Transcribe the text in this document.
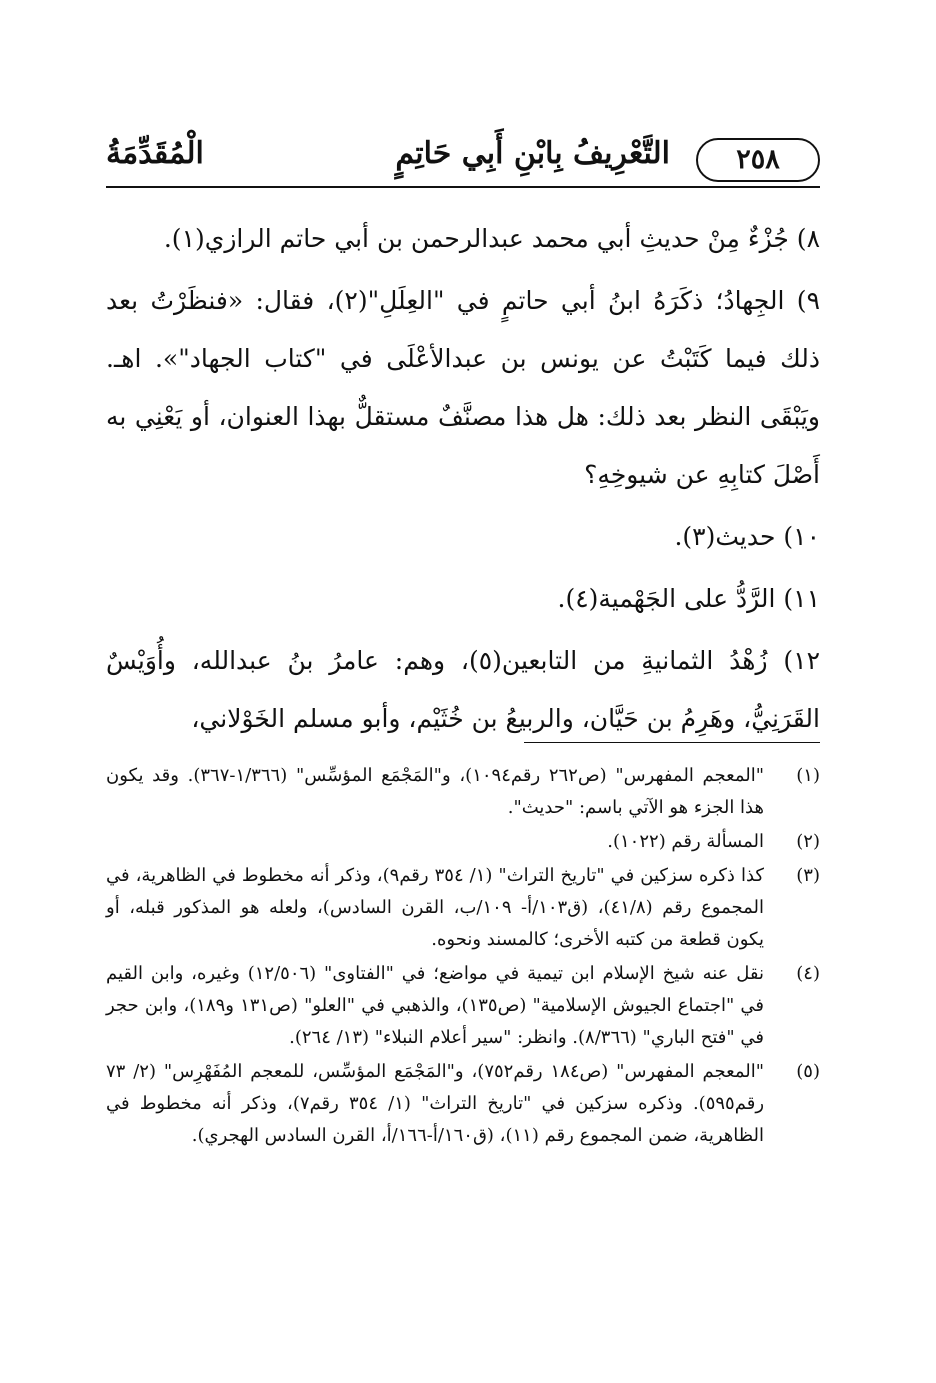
٢٥٨
التَّعْرِيفُ بِابْنِ أَبِي حَاتِمٍ
الْمُقَدِّمَةُ

٨) جُزْءٌ مِنْ حديثِ أبي محمد عبدالرحمن بن أبي حاتم الرازي(١).

٩) الجِهادُ؛ ذكَرَهُ ابنُ أبي حاتمٍ في "العِلَلِ"(٢)، فقال: «فنظَرْتُ بعد ذلك فيما كَتَبْتُ عن يونس بن عبدالأعْلَى في "كتاب الجهاد"». اهـ. ويَبْقَى النظر بعد ذلك: هل هذا مصنَّفٌ مستقلٌّ بهذا العنوان، أو يَعْنِي به أَصْلَ كتابِهِ عن شيوخِهِ؟

١٠) حديث(٣).

١١) الرَّدُّ على الجَهْمية(٤).

١٢) زُهْدُ الثمانيةِ من التابعين(٥)، وهم: عامرُ بنُ عبدالله، وأُوَيْسٌ القَرَنِيُّ، وهَرِمُ بن حَيَّان، والربيعُ بن خُثَيْم، وأبو مسلم الخَوْلاني،

(١)
"المعجم المفهرس" (ص٢٦٢ رقم١٠٩٤)، و"المَجْمَع المؤسِّس" (١/٣٦٦-٣٦٧). وقد يكون هذا الجزء هو الآتي باسم: "حديث".
(٢)
المسألة رقم (١٠٢٢).
(٣)
كذا ذكره سزكين في "تاريخ التراث" (١/ ٣٥٤ رقم٩)، وذكر أنه مخطوط في الظاهرية، في المجموع رقم (٤١/٨)، (ق١٠٣/أ- ١٠٩/ب، القرن السادس)، ولعله هو المذكور قبله، أو يكون قطعة من كتبه الأخرى؛ كالمسند ونحوه.
(٤)
نقل عنه شيخ الإسلام ابن تيمية في مواضع؛ في "الفتاوى" (١٢/٥٠٦) وغيره، وابن القيم في "اجتماع الجيوش الإسلامية" (ص١٣٥)، والذهبي في "العلو" (ص١٣١ و١٨٩)، وابن حجر في "فتح الباري" (٨/٣٦٦). وانظر: "سير أعلام النبلاء" (١٣/ ٢٦٤).
(٥)
"المعجم المفهرس" (ص١٨٤ رقم٧٥٢)، و"المَجْمَع المؤسِّس، للمعجم المُفَهْرِس" (٢/ ٧٣ رقم٥٩٥). وذكره سزكين في "تاريخ التراث" (١/ ٣٥٤ رقم٧)، وذكر أنه مخطوط في الظاهرية، ضمن المجموع رقم (١١)، (ق١٦٠/أ-١٦٦/أ، القرن السادس الهجري).
